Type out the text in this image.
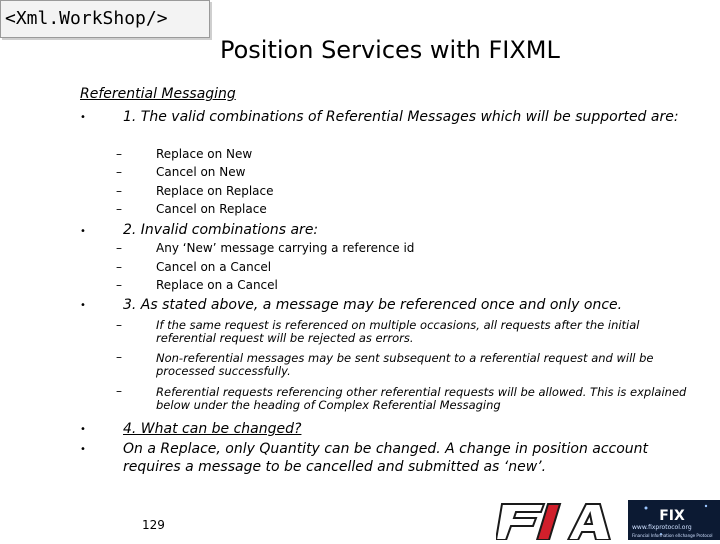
<Xml.WorkShop/>
Position Services with FIXML
Referential Messaging
•	1. The valid combinations of Referential Messages which will be supported are:
–	Replace on New
–	Cancel on New
–	Replace on Replace
–	Cancel on Replace
•	2. Invalid combinations are:
–	Any ‘New’ message carrying a reference id
–	Cancel on a Cancel
–	Replace on a Cancel
•	3. As stated above, a message may be referenced once and only once.
–	If the same request is referenced on multiple occasions, all requests after the initial referential request will be rejected as errors.
–	Non-referential messages may be sent subsequent to a referential request and will be processed successfully.
–	Referential requests referencing other referential requests will be allowed. This is explained below under the heading of Complex Referential Messaging
•	4. What can be changed?
•	On a Replace, only Quantity can be changed. A change in position account requires a message to be cancelled and submitted as ‘new’.
129
FIX
www.fixprotocol.org
Financial Information eXchange Protocol
